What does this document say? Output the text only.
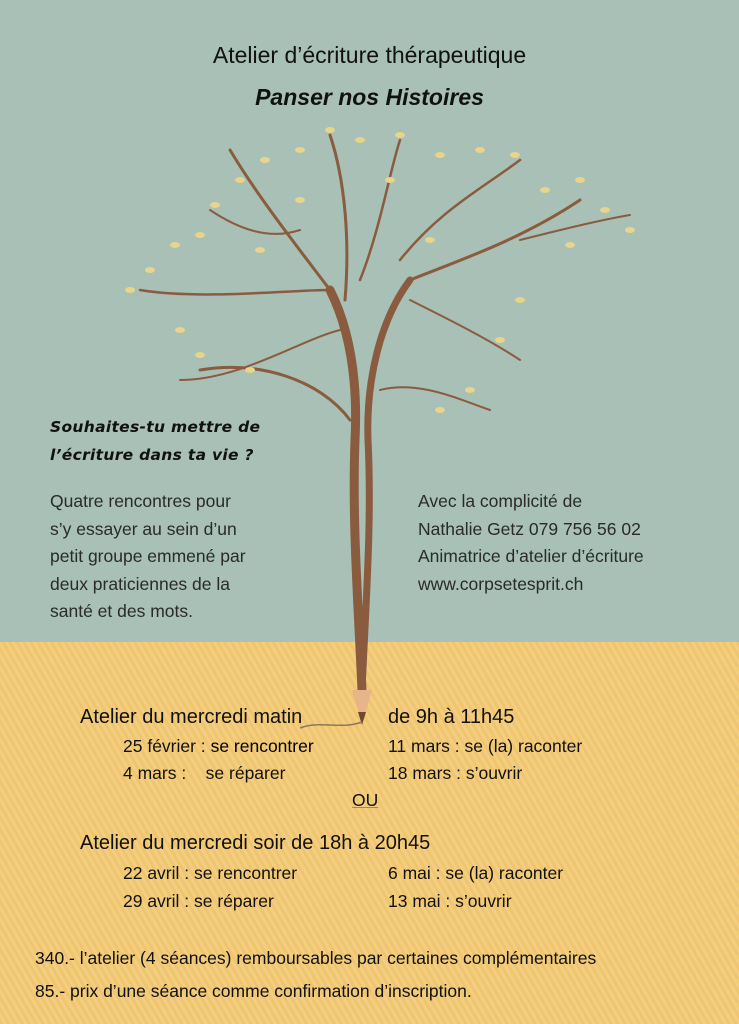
Atelier d’écriture thérapeutique
Panser nos Histoires
Souhaites-tu mettre de
l’écriture dans ta vie ?
Quatre rencontres pour
s’y essayer au sein d’un
petit groupe emmené par
deux praticiennes de la
santé et des mots.
Avec la complicité de
Nathalie Getz 079 756 56 02
Animatrice d’atelier d’écriture
www.corpsetesprit.ch
Atelier du mercredi matin	de 9h à 11h45
25 février : se rencontrer	11 mars : se (la) raconter
4 mars : se réparer	18 mars : s’ouvrir
OU
Atelier du mercredi soir de 18h à 20h45
22 avril : se rencontrer	6 mai : se (la) raconter
29 avril : se réparer	13 mai : s’ouvrir
340.- l’atelier (4 séances) remboursables par certaines complémentaires
85.- prix d’une séance comme confirmation d’inscription.
